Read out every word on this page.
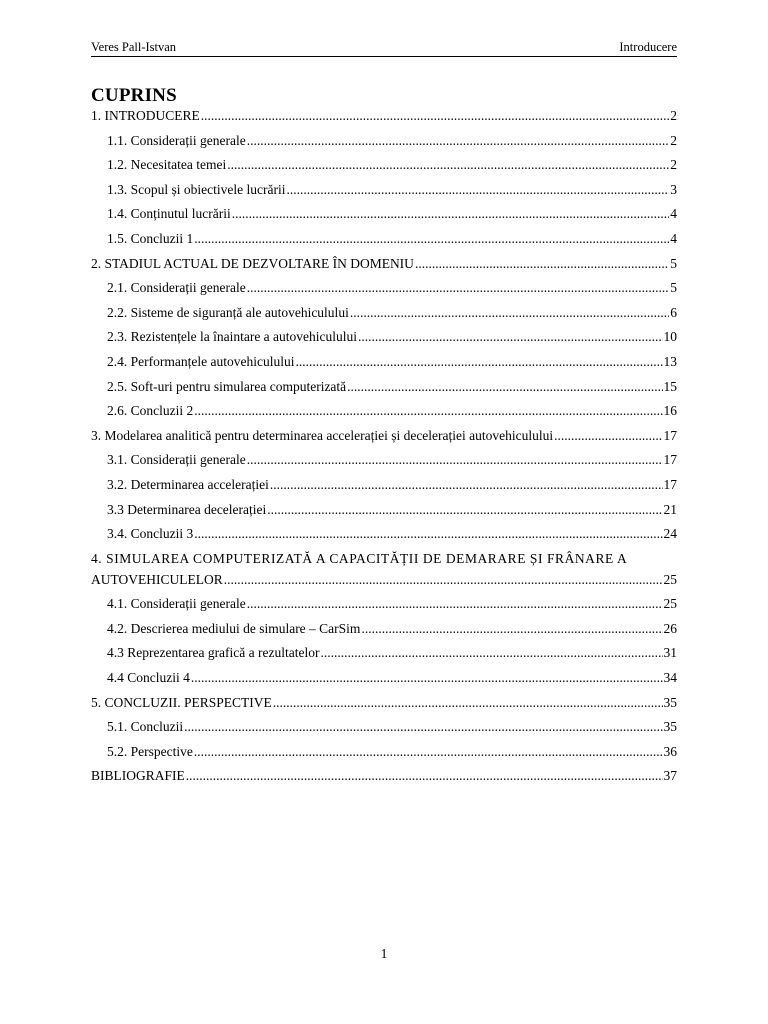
Veres Pall-Istvan	Introducere
CUPRINS
1. INTRODUCERE .....	2
1.1. Considerații generale .....	2
1.2. Necesitatea temei .....	2
1.3. Scopul și obiectivele lucrării .....	3
1.4. Conținutul lucrării .....	4
1.5. Concluzii 1 .....	4
2. STADIUL ACTUAL DE DEZVOLTARE ÎN DOMENIU .....	5
2.1. Considerații generale .....	5
2.2. Sisteme de siguranță ale autovehiculului .....	6
2.3. Rezistențele la înaintare a autovehiculului .....	10
2.4. Performanțele autovehiculului .....	13
2.5. Soft-uri pentru simularea computerizată .....	15
2.6. Concluzii 2 .....	16
3. Modelarea analitică pentru determinarea accelerației și decelerației autovehiculului .....	17
3.1. Considerații generale .....	17
3.2. Determinarea accelerației .....	17
3.3 Determinarea decelerației .....	21
3.4. Concluzii 3 .....	24
4. SIMULAREA COMPUTERIZATĂ A CAPACITĂȚII DE DEMARARE ȘI FRÂNARE A
AUTOVEHICULELOR .....	25
4.1. Considerații generale .....	25
4.2. Descrierea mediului de simulare – CarSim .....	26
4.3 Reprezentarea grafică a rezultatelor .....	31
4.4 Concluzii 4 .....	34
5. CONCLUZII. PERSPECTIVE .....	35
5.1. Concluzii .....	35
5.2. Perspective .....	36
BIBLIOGRAFIE .....	37
1
